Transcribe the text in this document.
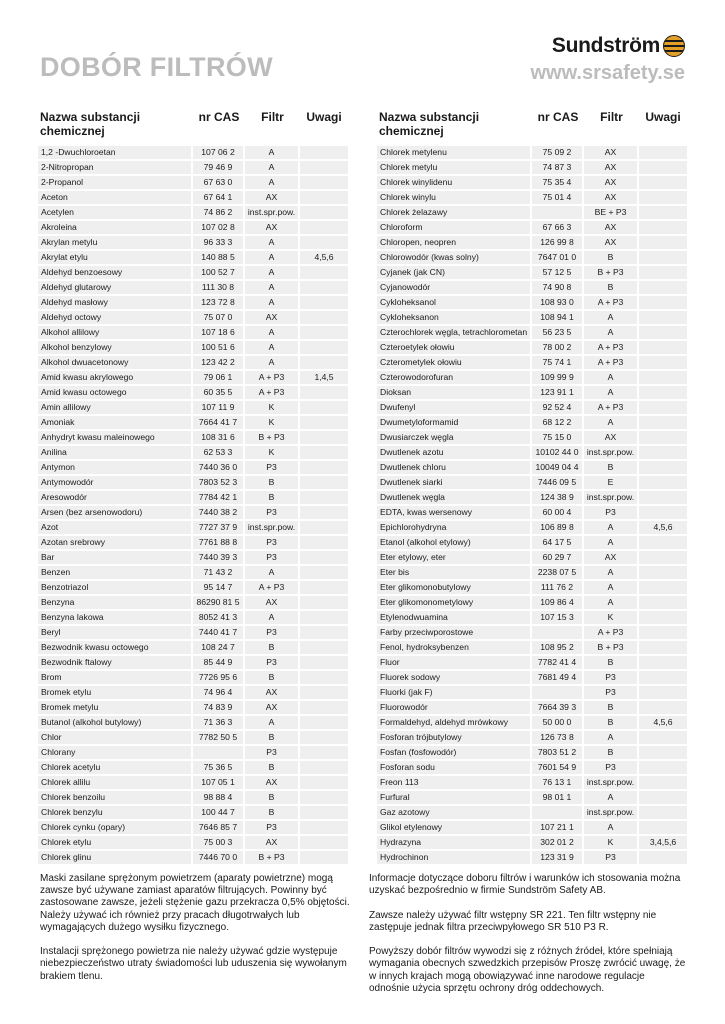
DOBÓR FILTRÓW
Sundström
www.srsafety.se
Nazwa substancji chemicznej	nr CAS	Filtr	Uwagi
1,2 -Dwuchloroetan	107 06 2	A	
2-Nitropropan	79 46 9	A	
2-Propanol	67 63 0	A	
Aceton	67 64 1	AX	
Acetylen	74 86 2	inst.spr.pow.	
Akroleina	107 02 8	AX	
Akrylan metylu	96 33 3	A	
Akrylat etylu	140 88 5	A	4,5,6
Aldehyd benzoesowy	100 52 7	A	
Aldehyd glutarowy	111 30 8	A	
Aldehyd masłowy	123 72 8	A	
Aldehyd octowy	75 07 0	AX	
Alkohol allilowy	107 18 6	A	
Alkohol benzylowy	100 51 6	A	
Alkohol dwuacetonowy	123 42 2	A	
Amid kwasu akrylowego	79 06 1	A + P3	1,4,5
Amid kwasu octowego	60 35 5	A + P3	
Amin allilowy	107 11 9	K	
Amoniak	7664 41 7	K	
Anhydryt kwasu maleinowego	108 31 6	B + P3	
Anilina	62 53 3	K	
Antymon	7440 36 0	P3	
Antymowodór	7803 52 3	B	
Aresowodór	7784 42 1	B	
Arsen (bez arsenowodoru)	7440 38 2	P3	
Azot	7727 37 9	inst.spr.pow.	
Azotan srebrowy	7761 88 8	P3	
Bar	7440 39 3	P3	
Benzen	71 43 2	A	
Benzotriazol	95 14 7	A + P3	
Benzyna	86290 81 5	AX	
Benzyna lakowa	8052 41 3	A	
Beryl	7440 41 7	P3	
Bezwodnik kwasu octowego	108 24 7	B	
Bezwodnik ftalowy	85 44 9	P3	
Brom	7726 95 6	B	
Bromek etylu	74 96 4	AX	
Bromek metylu	74 83 9	AX	
Butanol (alkohol butylowy)	71 36 3	A	
Chlor	7782 50 5	B	
Chlorany		P3	
Chlorek acetylu	75 36 5	B	
Chlorek allilu	107 05 1	AX	
Chlorek benzoilu	98 88 4	B	
Chlorek benzylu	100 44 7	B	
Chlorek cynku (opary)	7646 85 7	P3	
Chlorek etylu	75 00 3	AX	
Chlorek glinu	7446 70 0	B + P3	
Nazwa substancji chemicznej	nr CAS	Filtr	Uwagi
Chlorek metylenu	75 09 2	AX	
Chlorek metylu	74 87 3	AX	
Chlorek winylidenu	75 35 4	AX	
Chlorek winylu	75 01 4	AX	
Chlorek żelazawy		BE + P3	
Chloroform	67 66 3	AX	
Chloropen, neopren	126 99 8	AX	
Chlorowodór (kwas solny)	7647 01 0	B	
Cyjanek (jak CN)	57 12 5	B + P3	
Cyjanowodór	74 90 8	B	
Cykloheksanol	108 93 0	A + P3	
Cykloheksanon	108 94 1	A	
Czterochlorek węgla, tetrachlorometan	56 23 5	A	
Czteroetylek ołowiu	78 00 2	A + P3	
Czterometylek ołowiu	75 74 1	A + P3	
Czterowodorofuran	109 99 9	A	
Dioksan	123 91 1	A	
Dwufenyl	92 52 4	A + P3	
Dwumetyloformamid	68 12 2	A	
Dwusiarczek węgla	75 15 0	AX	
Dwutlenek azotu	10102 44 0	inst.spr.pow.	
Dwutlenek chloru	10049 04 4	B	
Dwutlenek siarki	7446 09 5	E	
Dwutlenek węgla	124 38 9	inst.spr.pow.	
EDTA, kwas wersenowy	60 00 4	P3	
Epichlorohydryna	106 89 8	A	4,5,6
Etanol (alkohol etylowy)	64 17 5	A	
Eter etylowy, eter	60 29 7	AX	
Eter bis	2238 07 5	A	
Eter glikomonobutylowy	111 76 2	A	
Eter glikomonometylowy	109 86 4	A	
Etylenodwuamina	107 15 3	K	
Farby przeciwporostowe		A + P3	
Fenol, hydroksybenzen	108 95 2	B + P3	
Fluor	7782 41 4	B	
Fluorek sodowy	7681 49 4	P3	
Fluorki (jak F)		P3	
Fluorowodór	7664 39 3	B	
Formaldehyd, aldehyd mrówkowy	50 00 0	B	4,5,6
Fosforan trójbutylowy	126 73 8	A	
Fosfan (fosfowodór)	7803 51 2	B	
Fosforan sodu	7601 54 9	P3	
Freon 113	76 13 1	inst.spr.pow.	
Furfural	98 01 1	A	
Gaz azotowy		inst.spr.pow.	
Glikol etylenowy	107 21 1	A	
Hydrazyna	302 01 2	K	3,4,5,6
Hydrochinon	123 31 9	P3	

Maski zasilane sprężonym powietrzem (aparaty powietrzne) mogą zawsze być używane zamiast aparatów filtrujących. Powinny być zastosowane zawsze, jeżeli stężenie gazu przekracza 0,5% objętości. Należy używać ich również przy pracach długotrwałych lub wymagających dużego wysiłku fizycznego.

Instalacji sprężonego powietrza nie należy używać gdzie występuje niebezpieczeństwo utraty świadomości lub uduszenia się wywołanym brakiem tlenu.

Informacje dotyczące doboru filtrów i warunków ich stosowania można uzyskać bezpośrednio w firmie Sundström Safety AB.

Zawsze należy używać filtr wstępny SR 221. Ten filtr wstępny nie zastępuje jednak filtra przeciwpyłowego SR 510 P3 R.

Powyższy dobór filtrów wywodzi się z różnych źródeł, które spełniają wymagania obecnych szwedzkich przepisów Proszę zwrócić uwagę, że w innych krajach mogą obowiązywać inne narodowe regulacje odnośnie użycia sprzętu ochrony dróg oddechowych.
